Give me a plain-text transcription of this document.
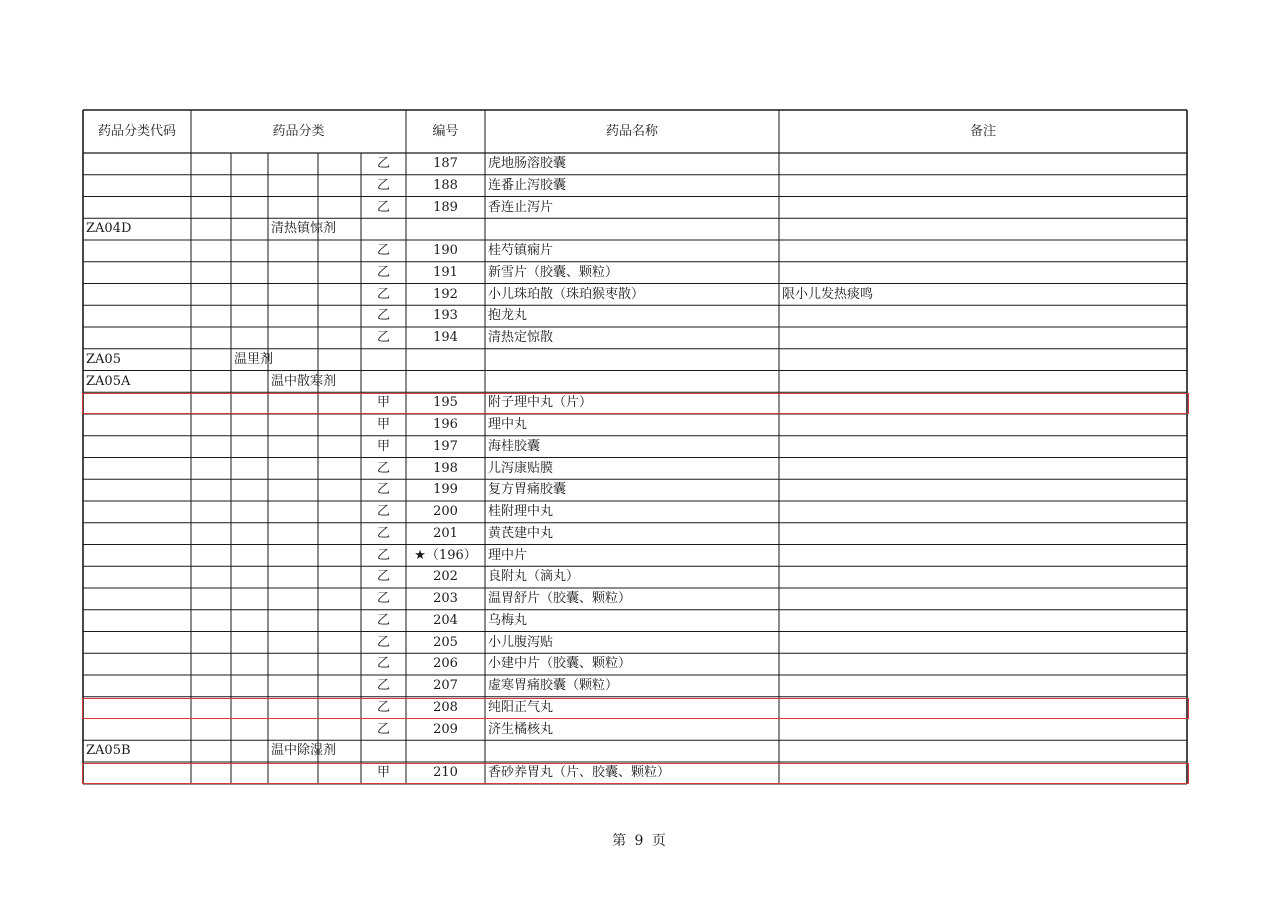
药品分类代码	药品分类	编号	药品名称	备注
乙	187	虎地肠溶胶囊
乙	188	连番止泻胶囊
乙	189	香连止泻片
ZA04D	清热镇惊剂
乙	190	桂芍镇痫片
乙	191	新雪片（胶囊、颗粒）
乙	192	小儿珠珀散（珠珀猴枣散）	限小儿发热痰鸣
乙	193	抱龙丸
乙	194	清热定惊散
ZA05	温里剂
ZA05A	温中散寒剂
甲	195	附子理中丸（片）
甲	196	理中丸
甲	197	海桂胶囊
乙	198	儿泻康贴膜
乙	199	复方胃痛胶囊
乙	200	桂附理中丸
乙	201	黄芪建中丸
乙	★（196） 理中片
乙	202	良附丸（滴丸）
乙	203	温胃舒片（胶囊、颗粒）
乙	204	乌梅丸
乙	205	小儿腹泻贴
乙	206	小建中片（胶囊、颗粒）
乙	207	虚寒胃痛胶囊（颗粒）
乙	208	纯阳正气丸
乙	209	济生橘核丸
ZA05B	温中除湿剂
甲	210	香砂养胃丸（片、胶囊、颗粒）
第 9 页
